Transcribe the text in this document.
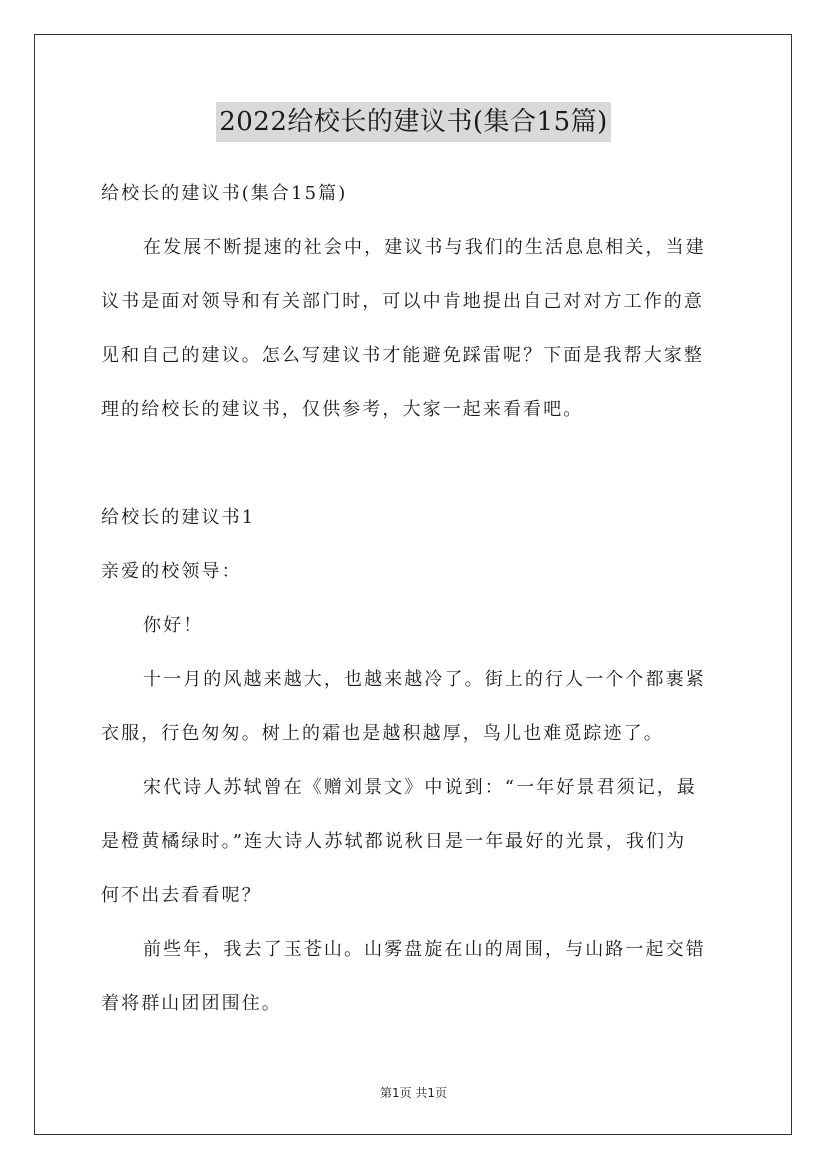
2022给校长的建议书(集合15篇)
给校长的建议书(集合15篇)
在发展不断提速的社会中，建议书与我们的生活息息相关，当建
议书是面对领导和有关部门时，可以中肯地提出自己对对方工作的意
见和自己的建议。怎么写建议书才能避免踩雷呢？下面是我帮大家整
理的给校长的建议书，仅供参考，大家一起来看看吧。
给校长的建议书1
亲爱的校领导：
你好！
十一月的风越来越大，也越来越冷了。街上的行人一个个都裹紧
衣服，行色匆匆。树上的霜也是越积越厚，鸟儿也难觅踪迹了。
宋代诗人苏轼曾在《赠刘景文》中说到：“一年好景君须记，最
是橙黄橘绿时。”连大诗人苏轼都说秋日是一年最好的光景，我们为
何不出去看看呢？
前些年，我去了玉苍山。山雾盘旋在山的周围，与山路一起交错
着将群山团团围住。
第1页 共1页
